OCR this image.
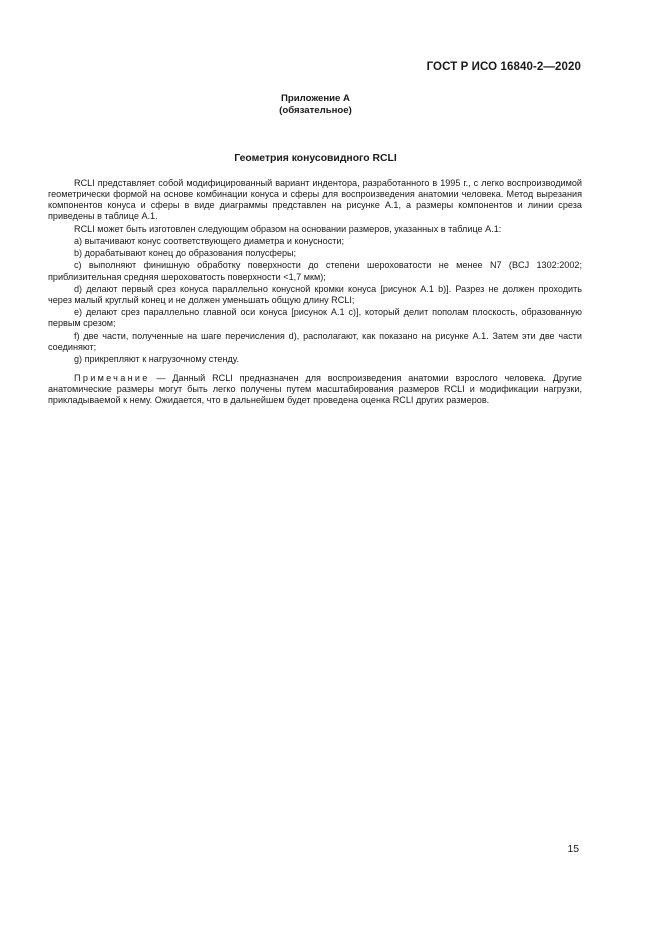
ГОСТ Р ИСО 16840-2—2020
Приложение А
(обязательное)
Геометрия конусовидного RCLI

RCLI представляет собой модифицированный вариант индентора, разработанного в 1995 г., с легко воспроизводимой геометрически формой на основе комбинации конуса и сферы для воспроизведения анатомии человека. Метод вырезания компонентов конуса и сферы в виде диаграммы представлен на рисунке А.1, а размеры компонентов и линии среза приведены в таблице А.1.

RCLI может быть изготовлен следующим образом на основании размеров, указанных в таблице А.1:

a) вытачивают конус соответствующего диаметра и конусности;

b) дорабатывают конец до образования полусферы;

c) выполняют финишную обработку поверхности до степени шероховатости не менее N7 (BCJ 1302:2002; приблизительная средняя шероховатость поверхности <1,7 мкм);

d) делают первый срез конуса параллельно конусной кромки конуса [рисунок А.1 b)]. Разрез не должен проходить через малый круглый конец и не должен уменьшать общую длину RCLI;

e) делают срез параллельно главной оси конуса [рисунок А.1 c)], который делит пополам плоскость, образованную первым срезом;

f) две части, полученные на шаге перечисления d), располагают, как показано на рисунке А.1. Затем эти две части соединяют;

g) прикрепляют к нагрузочному стенду.

Примечание — Данный RCLI предназначен для воспроизведения анатомии взрослого человека. Другие анатомические размеры могут быть легко получены путем масштабирования размеров RCLI и модификации нагрузки, прикладываемой к нему. Ожидается, что в дальнейшем будет проведена оценка RCLI других размеров.

15
